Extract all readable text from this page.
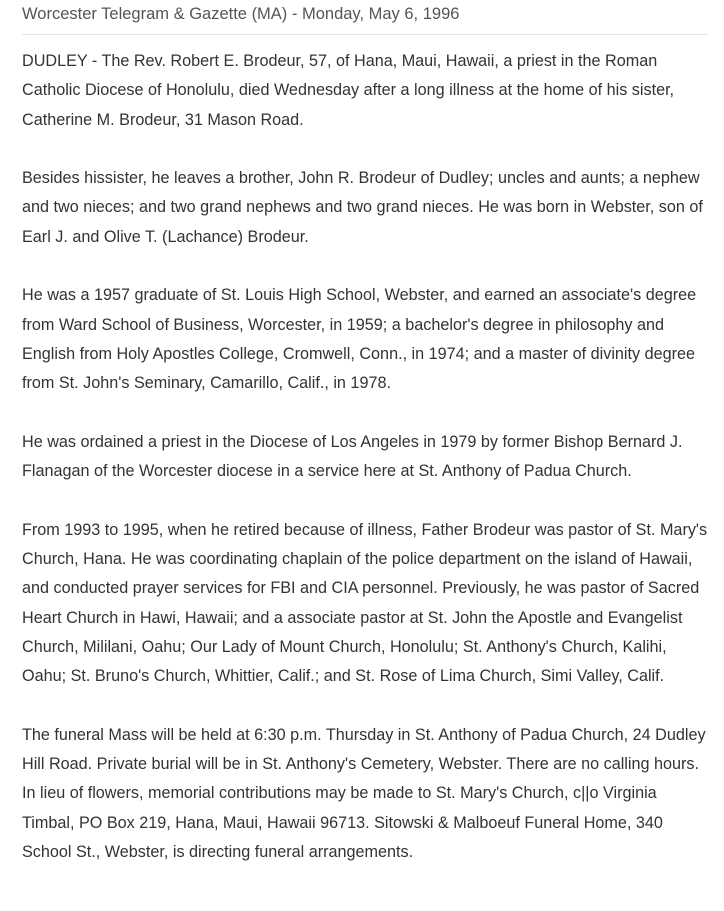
Worcester Telegram & Gazette (MA) - Monday, May 6, 1996

DUDLEY - The Rev. Robert E. Brodeur, 57, of Hana, Maui, Hawaii, a priest in the Roman Catholic Diocese of Honolulu, died Wednesday after a long illness at the home of his sister, Catherine M. Brodeur, 31 Mason Road.

Besides hissister, he leaves a brother, John R. Brodeur of Dudley; uncles and aunts; a nephew and two nieces; and two grand nephews and two grand nieces. He was born in Webster, son of Earl J. and Olive T. (Lachance) Brodeur.

He was a 1957 graduate of St. Louis High School, Webster, and earned an associate's degree from Ward School of Business, Worcester, in 1959; a bachelor's degree in philosophy and English from Holy Apostles College, Cromwell, Conn., in 1974; and a master of divinity degree from St. John's Seminary, Camarillo, Calif., in 1978.

He was ordained a priest in the Diocese of Los Angeles in 1979 by former Bishop Bernard J. Flanagan of the Worcester diocese in a service here at St. Anthony of Padua Church.

From 1993 to 1995, when he retired because of illness, Father Brodeur was pastor of St. Mary's Church, Hana. He was coordinating chaplain of the police department on the island of Hawaii, and conducted prayer services for FBI and CIA personnel. Previously, he was pastor of Sacred Heart Church in Hawi, Hawaii; and a associate pastor at St. John the Apostle and Evangelist Church, Mililani, Oahu; Our Lady of Mount Church, Honolulu; St. Anthony's Church, Kalihi, Oahu; St. Bruno's Church, Whittier, Calif.; and St. Rose of Lima Church, Simi Valley, Calif.

The funeral Mass will be held at 6:30 p.m. Thursday in St. Anthony of Padua Church, 24 Dudley Hill Road. Private burial will be in St. Anthony's Cemetery, Webster. There are no calling hours. In lieu of flowers, memorial contributions may be made to St. Mary's Church, c||o Virginia Timbal, PO Box 219, Hana, Maui, Hawaii 96713. Sitowski & Malboeuf Funeral Home, 340 School St., Webster, is directing funeral arrangements.
